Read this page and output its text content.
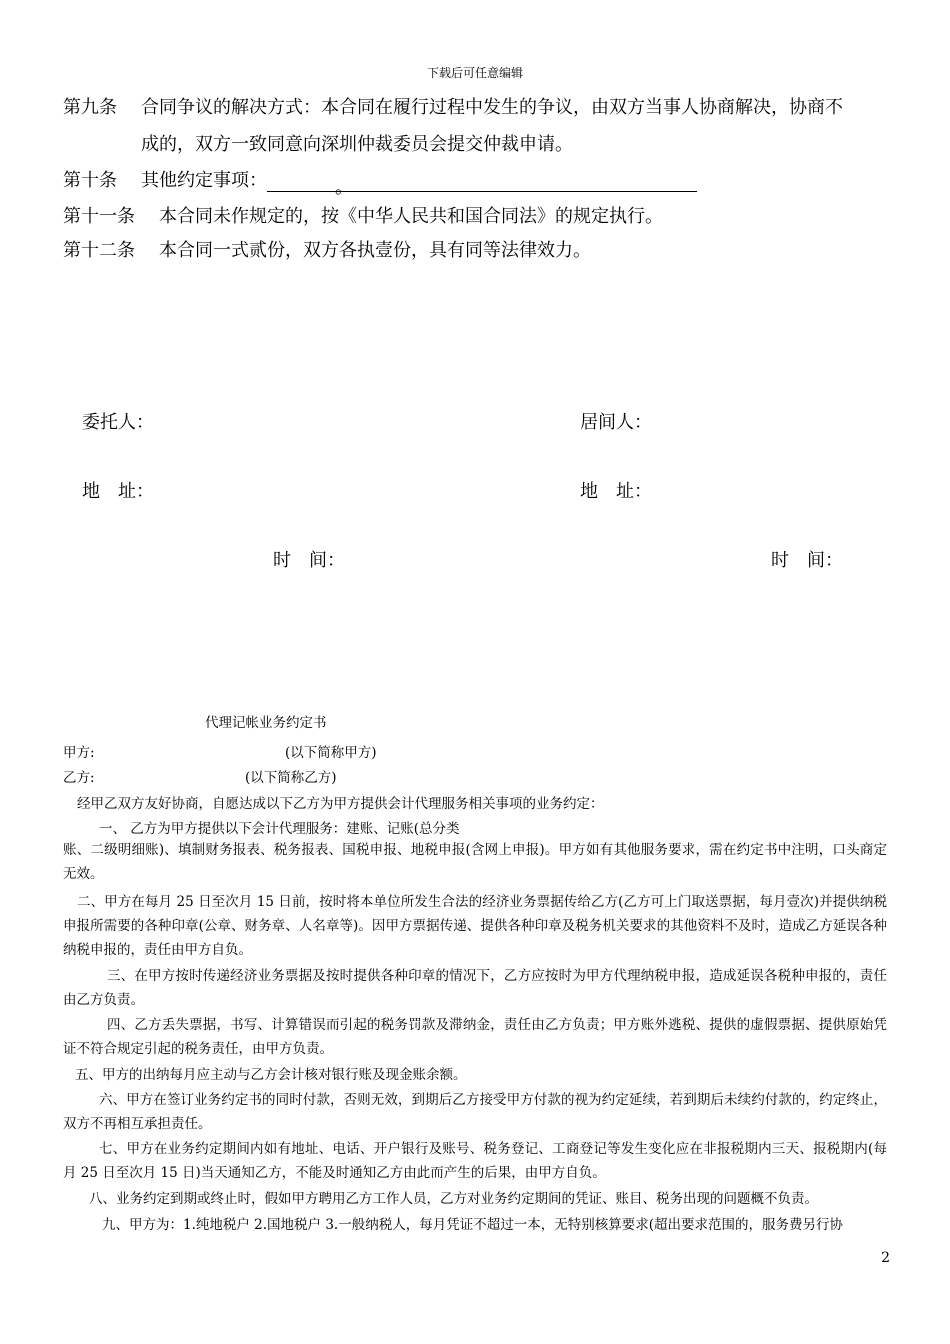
下载后可任意编辑
第九条 合同争议的解决方式：本合同在履行过程中发生的争议，由双方当事人协商解决，协商不
成的，双方一致同意向深圳仲裁委员会提交仲裁申请。
第十条 其他约定事项：	。
第十一条 本合同未作规定的，按《中华人民共和国合同法》的规定执行。
第十二条 本合同一式贰份，双方各执壹份，具有同等法律效力。
委托人：	居间人：
地　址：	地　址：
时　间：	时　间：
代理记帐业务约定书
甲方:	(以下简称甲方)
乙方:	(以下简称乙方)
经甲乙双方友好协商，自愿达成以下乙方为甲方提供会计代理服务相关事项的业务约定：
一、 乙方为甲方提供以下会计代理服务：建账、记账(总分类
账、二级明细账)、填制财务报表、税务报表、国税申报、地税申报(含网上申报)。甲方如有其他服务要求，需在约定书中注明，口头商定无效。
二、甲方在每月 25 日至次月 15 日前，按时将本单位所发生合法的经济业务票据传给乙方(乙方可上门取送票据，每月壹次)并提供纳税申报所需要的各种印章(公章、财务章、人名章等)。因甲方票据传递、提供各种印章及税务机关要求的其他资料不及时，造成乙方延误各种纳税申报的，责任由甲方自负。
三、在甲方按时传递经济业务票据及按时提供各种印章的情况下，乙方应按时为甲方代理纳税申报，造成延误各税种申报的，责任由乙方负责。
四、乙方丢失票据，书写、计算错误而引起的税务罚款及滞纳金，责任由乙方负责；甲方账外逃税、提供的虚假票据、提供原始凭证不符合规定引起的税务责任，由甲方负责。
五、甲方的出纳每月应主动与乙方会计核对银行账及现金账余额。
六、甲方在签订业务约定书的同时付款，否则无效，到期后乙方接受甲方付款的视为约定延续，若到期后未续约付款的，约定终止，双方不再相互承担责任。
七、甲方在业务约定期间内如有地址、电话、开户银行及账号、税务登记、工商登记等发生变化应在非报税期内三天、报税期内(每月 25 日至次月 15 日)当天通知乙方，不能及时通知乙方由此而产生的后果，由甲方自负。
八、业务约定到期或终止时，假如甲方聘用乙方工作人员，乙方对业务约定期间的凭证、账目、税务出现的问题概不负责。
九、甲方为：1.纯地税户 2.国地税户 3.一般纳税人，每月凭证不超过一本，无特别核算要求(超出要求范围的，服务费另行协
2
